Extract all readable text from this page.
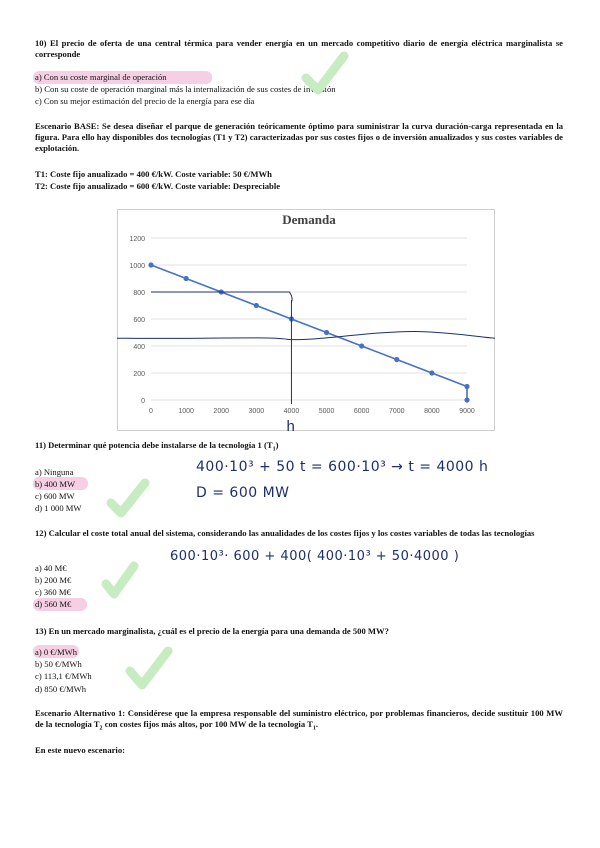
10) El precio de oferta de una central térmica para vender energía en un mercado competitivo diario de energía eléctrica marginalista se corresponde
a) Con su coste marginal de operación
b) Con su coste de operación marginal más la internalización de sus costes de inversión
c) Con su mejor estimación del precio de la energía para ese día
Escenario BASE: Se desea diseñar el parque de generación teóricamente óptimo para suministrar la curva duración-carga representada en la figura. Para ello hay disponibles dos tecnologías (T1 y T2) caracterizadas por sus costes fijos o de inversión anualizados y sus costes variables de explotación.
T1: Coste fijo anualizado = 400 €/kW. Coste variable: 50 €/MWh
T2: Coste fijo anualizado = 600 €/kW. Coste variable: Despreciable
Demanda
0
200
400
600
800
1000
1200
0	1000	2000	3000	4000	5000	6000	7000	8000	9000
h
11) Determinar qué potencia debe instalarse de la tecnología 1 $(T_1)$
a) Ninguna
b) 400 MW
c) 600 MW
d) 1 000 MW
400·10³ + 50 t = 600·10³ → t = 4000 h
D = 600 MW
12) Calcular el coste total anual del sistema, considerando las anualidades de los costes fijos y los costes variables de todas las tecnologías
600·10³· 600 + 400( 400·10³ + 50·4000 )
a) 40 M€
b) 200 M€
c) 360 M€
d) 560 M€
13) En un mercado marginalista, ¿cuál es el precio de la energía para una demanda de 500 MW?
a) 0 €/MWh
b) 50 €/MWh
c) 113,1 €/MWh
d) 850 €/MWh
Escenario Alternativo 1: Considérese que la empresa responsable del suministro eléctrico, por problemas financieros, decide sustituir 100 MW de la tecnología $T_2$ con costes fijos más altos, por 100 MW de la tecnología $T_1$.
En este nuevo escenario:
